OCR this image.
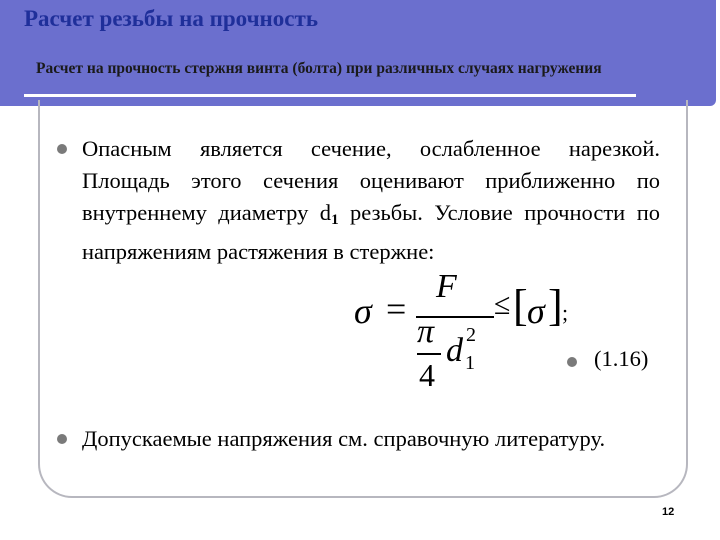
Расчет резьбы на прочность
Расчет на прочность стержня винта (болта) при различных случаях нагружения
Опасным является сечение, ослабленное нарезкой. Площадь этого сечения оценивают приближенно по внутреннему диаметру $d_1$ резьбы. Условие прочности по напряжениям растяжения в стержне:
σ =
F
π
4
d 2
1
≤ [ σ ] ;
(1.16)
Допускаемые напряжения см. справочную литературу.
12
